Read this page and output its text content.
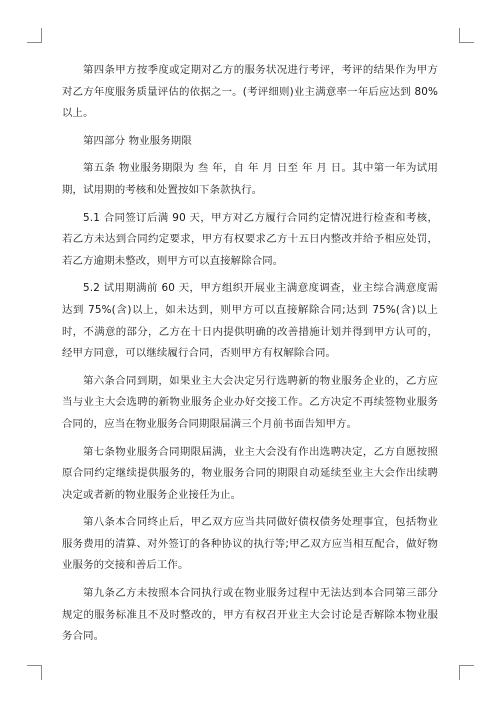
第四条甲方按季度或定期对乙方的服务状况进行考评，考评的结果作为甲方对乙方年度服务质量评估的依据之一。(考评细则)业主满意率一年后应达到 80%以上。

第四部分 物业服务期限

第五条 物业服务期限为 叁 年，自 年 月 日至 年 月 日。其中第一年为试用期，试用期的考核和处置按如下条款执行。

5.1 合同签订后满 90 天，甲方对乙方履行合同约定情况进行检查和考核，若乙方未达到合同约定要求，甲方有权要求乙方十五日内整改并给予相应处罚，若乙方逾期未整改，则甲方可以直接解除合同。

5.2 试用期满前 60 天，甲方组织开展业主满意度调查，业主综合满意度需达到 75%(含)以上，如未达到，则甲方可以直接解除合同;达到 75%(含)以上时，不满意的部分，乙方在十日内提供明确的改善措施计划并得到甲方认可的，经甲方同意，可以继续履行合同，否则甲方有权解除合同。

第六条合同到期，如果业主大会决定另行选聘新的物业服务企业的，乙方应当与业主大会选聘的新物业服务企业办好交接工作。乙方决定不再续签物业服务合同的，应当在物业服务合同期限届满三个月前书面告知甲方。

第七条物业服务合同期限届满，业主大会没有作出选聘决定，乙方自愿按照原合同约定继续提供服务的，物业服务合同的期限自动延续至业主大会作出续聘决定或者新的物业服务企业接任为止。

第八条本合同终止后，甲乙双方应当共同做好债权债务处理事宜，包括物业服务费用的清算、对外签订的各种协议的执行等;甲乙双方应当相互配合，做好物业服务的交接和善后工作。

第九条乙方未按照本合同执行或在物业服务过程中无法达到本合同第三部分规定的服务标准且不及时整改的，甲方有权召开业主大会讨论是否解除本物业服务合同。
